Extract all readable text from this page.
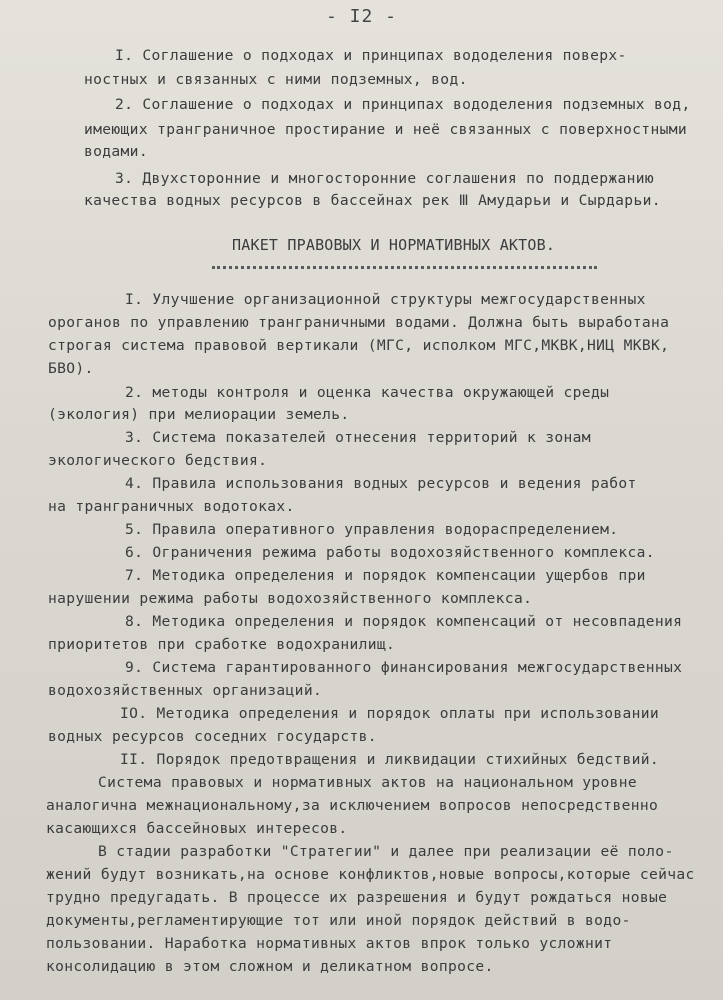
- I2 -
I. Соглашение о подходах и принципах вододеления поверх-
ностных и связанных с ними подземных, вод.
2. Соглашение о подходах и принципах вододеления подземных вод,
имеющих трангpаничное простирание и неё связанных с поверхностными
водами.
3. Двухсторонние и многосторонние соглашения по поддержанию
качества водных ресурсов в бассейнах рек Ⅲ Амударьи и Сырдарьи.
ПАКЕТ ПРАВОВЫХ И НОРМАТИВНЫХ АКТОВ.
I. Улучшение организационной структуры межгосударственных
ороганов по управлению трангpаничными водами. Должна быть выработана
строгая система правовой вертикали (МГС, исполком МГС,МКВК,НИЦ МКВК,
БВО).
2. методы контроля и оценка качества окружающей среды
(экология) при мелиорации земель.
3. Система показателей отнесения территорий к зонам
экологического бедствия.
4. Правила использования водных ресурсов и ведения работ
на трангpаничных водотоках.
5. Правила оперативного управления водораспределением.
6. Ограничения режима работы водохозяйственного комплекса.
7. Методика определения и порядок компенсации ущербов при
нарушении режима работы водохозяйственного комплекса.
8. Методика определения и порядок компенсаций от несовпадения
приоритетов при сработке водохранилищ.
9. Система гарантированного финансирования межгосударственных
водохозяйственных организаций.
IO. Методика определения и порядок оплаты при использовании
водных ресурсов соседних государств.
II. Порядок предотвращения и ликвидации стихийных бедствий.
Система правовых и нормативных актов на национальном уровне
аналогична межнациональному,за исключением вопросов непосредственно
касающихся бассейновых интересов.
В стадии разработки "Стратегии" и далее при реализации её поло-
жений будут возникать,на основе конфликтов,новые вопросы,которые сейчас
трудно предугадать. В процессе их разрешения и будут рождаться новые
документы,регламентирующие тот или иной порядок действий в водо-
пользовании. Наработка нормативных актов впрок только усложнит
консолидацию в этом сложном и деликатном вопросе.
